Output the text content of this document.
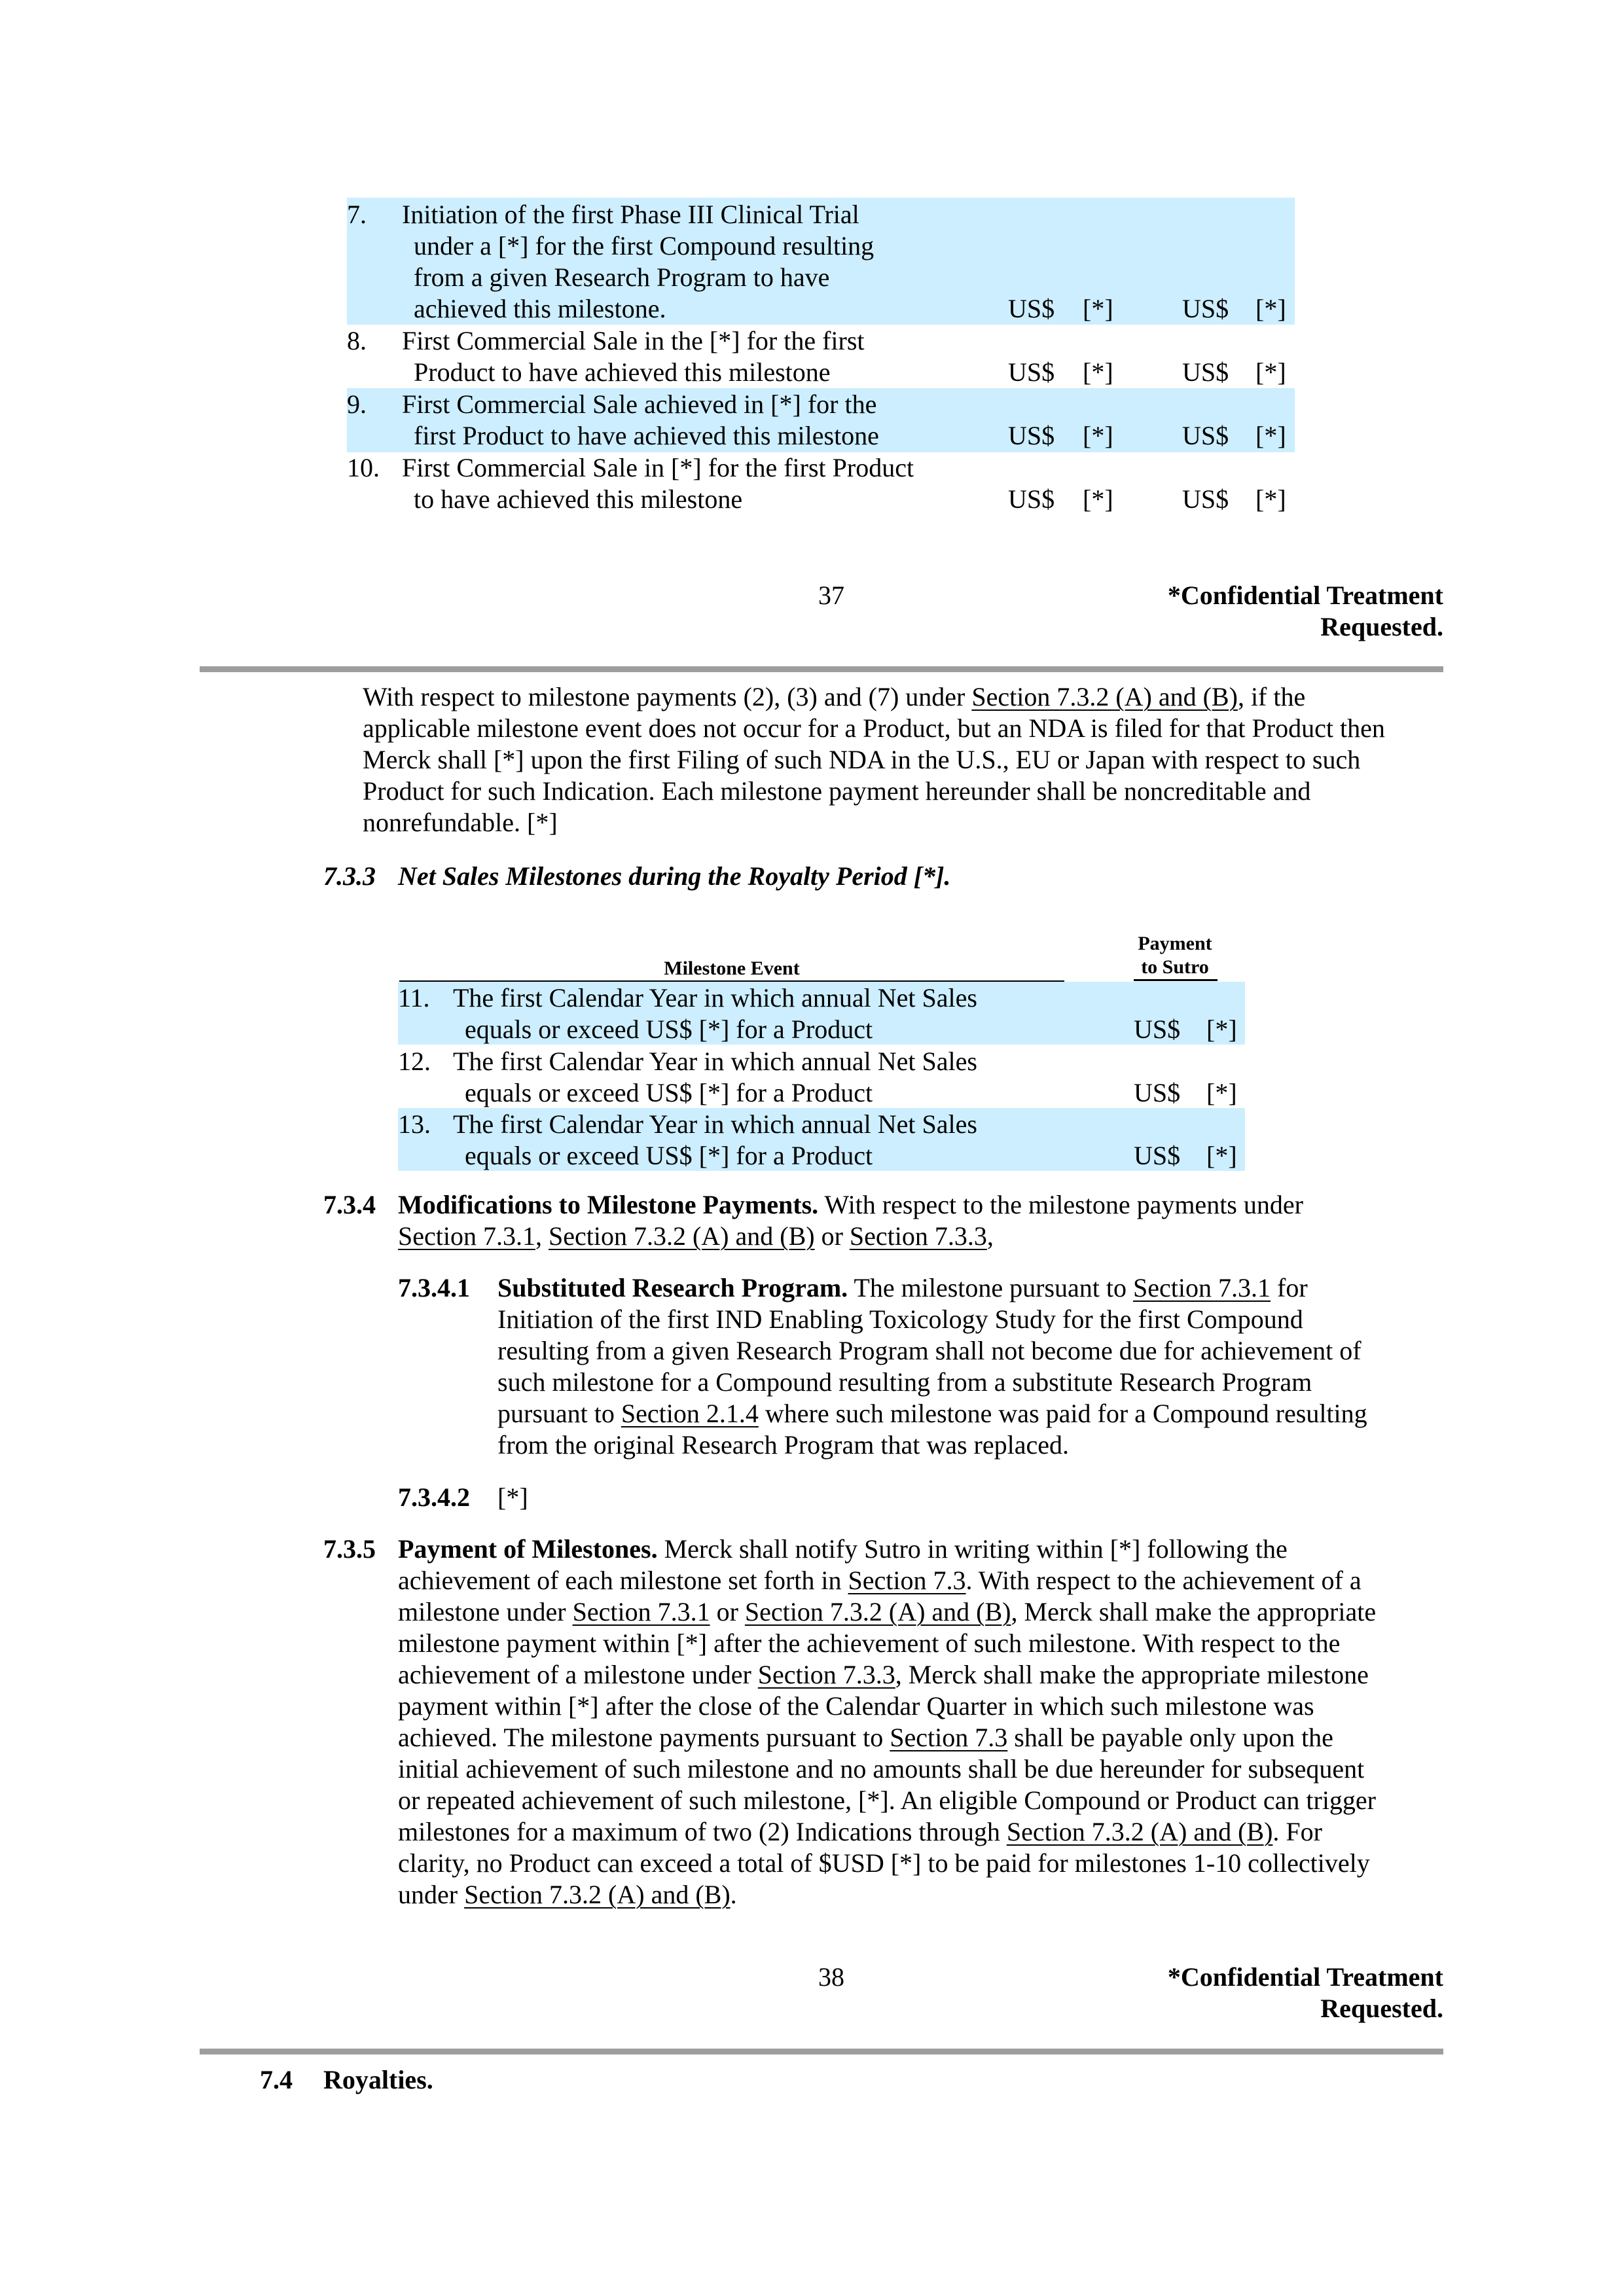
7. Initiation of the first Phase III Clinical Trial
under a [*] for the first Compound resulting
from a given Research Program to have
achieved this milestone.	US$ [*]	US$ [*]
8. First Commercial Sale in the [*] for the first
Product to have achieved this milestone	US$ [*]	US$ [*]
9. First Commercial Sale achieved in [*] for the
first Product to have achieved this milestone	US$ [*]	US$ [*]
10. First Commercial Sale in [*] for the first Product
to have achieved this milestone	US$ [*]	US$ [*]
37	*Confidential Treatment
Requested.
With respect to milestone payments (2), (3) and (7) under Section 7.3.2 (A) and (B), if the
applicable milestone event does not occur for a Product, but an NDA is filed for that Product then
Merck shall [*] upon the first Filing of such NDA in the U.S., EU or Japan with respect to such
Product for such Indication. Each milestone payment hereunder shall be noncreditable and
nonrefundable. [*]
7.3.3 Net Sales Milestones during the Royalty Period [*].
Milestone Event
Payment
to Sutro
11. The first Calendar Year in which annual Net Sales
equals or exceed US$ [*] for a Product	US$ [*]
12. The first Calendar Year in which annual Net Sales
equals or exceed US$ [*] for a Product	US$ [*]
13. The first Calendar Year in which annual Net Sales
equals or exceed US$ [*] for a Product	US$ [*]
7.3.4 Modifications to Milestone Payments. With respect to the milestone payments under
Section 7.3.1, Section 7.3.2 (A) and (B) or Section 7.3.3,
7.3.4.1 Substituted Research Program. The milestone pursuant to Section 7.3.1 for
Initiation of the first IND Enabling Toxicology Study for the first Compound
resulting from a given Research Program shall not become due for achievement of
such milestone for a Compound resulting from a substitute Research Program
pursuant to Section 2.1.4 where such milestone was paid for a Compound resulting
from the original Research Program that was replaced.
7.3.4.2 [*]
7.3.5 Payment of Milestones. Merck shall notify Sutro in writing within [*] following the
achievement of each milestone set forth in Section 7.3. With respect to the achievement of a
milestone under Section 7.3.1 or Section 7.3.2 (A) and (B), Merck shall make the appropriate
milestone payment within [*] after the achievement of such milestone. With respect to the
achievement of a milestone under Section 7.3.3, Merck shall make the appropriate milestone
payment within [*] after the close of the Calendar Quarter in which such milestone was
achieved. The milestone payments pursuant to Section 7.3 shall be payable only upon the
initial achievement of such milestone and no amounts shall be due hereunder for subsequent
or repeated achievement of such milestone, [*]. An eligible Compound or Product can trigger
milestones for a maximum of two (2) Indications through Section 7.3.2 (A) and (B). For
clarity, no Product can exceed a total of $USD [*] to be paid for milestones 1-10 collectively
under Section 7.3.2 (A) and (B).
38	*Confidential Treatment
Requested.
7.4 Royalties.
